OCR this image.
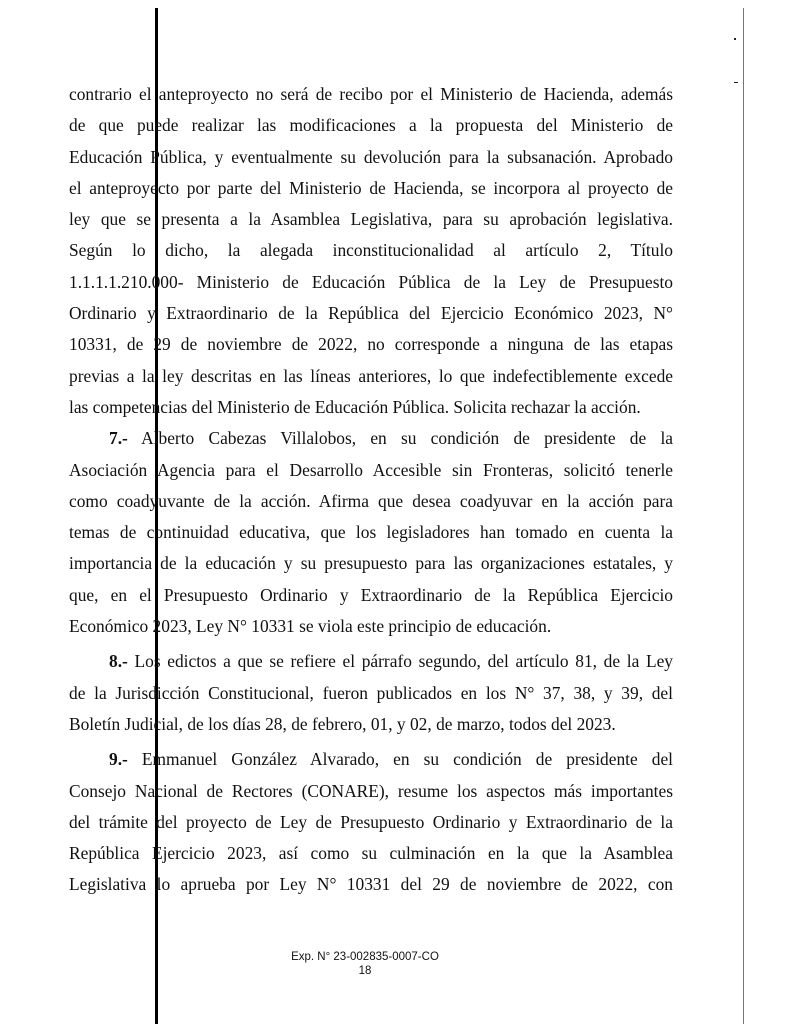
contrario el anteproyecto no será de recibo por el Ministerio de Hacienda, además
de que puede realizar las modificaciones a la propuesta del Ministerio de
Educación Pública, y eventualmente su devolución para la subsanación. Aprobado
el anteproyecto por parte del Ministerio de Hacienda, se incorpora al proyecto de
ley que se presenta a la Asamblea Legislativa, para su aprobación legislativa.
Según lo dicho, la alegada inconstitucionalidad al artículo 2, Título
1.1.1.1.210.000- Ministerio de Educación Pública de la Ley de Presupuesto
Ordinario y Extraordinario de la República del Ejercicio Económico 2023, N°
10331, de 29 de noviembre de 2022, no corresponde a ninguna de las etapas
previas a la ley descritas en las líneas anteriores, lo que indefectiblemente excede
las competencias del Ministerio de Educación Pública. Solicita rechazar la acción.
7.- Alberto Cabezas Villalobos, en su condición de presidente de la
Asociación Agencia para el Desarrollo Accesible sin Fronteras, solicitó tenerle
como coadyuvante de la acción. Afirma que desea coadyuvar en la acción para
temas de continuidad educativa, que los legisladores han tomado en cuenta la
importancia de la educación y su presupuesto para las organizaciones estatales, y
que, en el Presupuesto Ordinario y Extraordinario de la República Ejercicio
Económico 2023, Ley N° 10331 se viola este principio de educación.
8.- Los edictos a que se refiere el párrafo segundo, del artículo 81, de la Ley
de la Jurisdicción Constitucional, fueron publicados en los N° 37, 38, y 39, del
Boletín Judicial, de los días 28, de febrero, 01, y 02, de marzo, todos del 2023.
9.- Emmanuel González Alvarado, en su condición de presidente del
Consejo Nacional de Rectores (CONARE), resume los aspectos más importantes
del trámite del proyecto de Ley de Presupuesto Ordinario y Extraordinario de la
República Ejercicio 2023, así como su culminación en la que la Asamblea
Legislativa lo aprueba por Ley N° 10331 del 29 de noviembre de 2022, con
Exp. N° 23-002835-0007-CO
18
